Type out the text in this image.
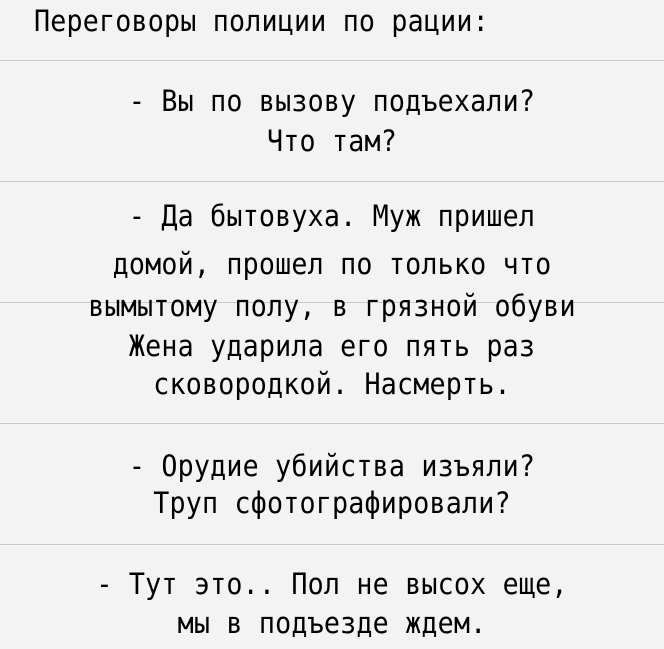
Переговоры полиции по рации:
- Вы по вызову подъехали?
Что там?
- Да бытовуха. Муж пришел
домой, прошел по только что
вымытому полу, в грязной обуви
Жена ударила его пять раз
сковородкой. Насмерть.
- Орудие убийства изъяли?
Труп сфотографировали?
- Тут это.. Пол не высох еще,
мы в подъезде ждем.
